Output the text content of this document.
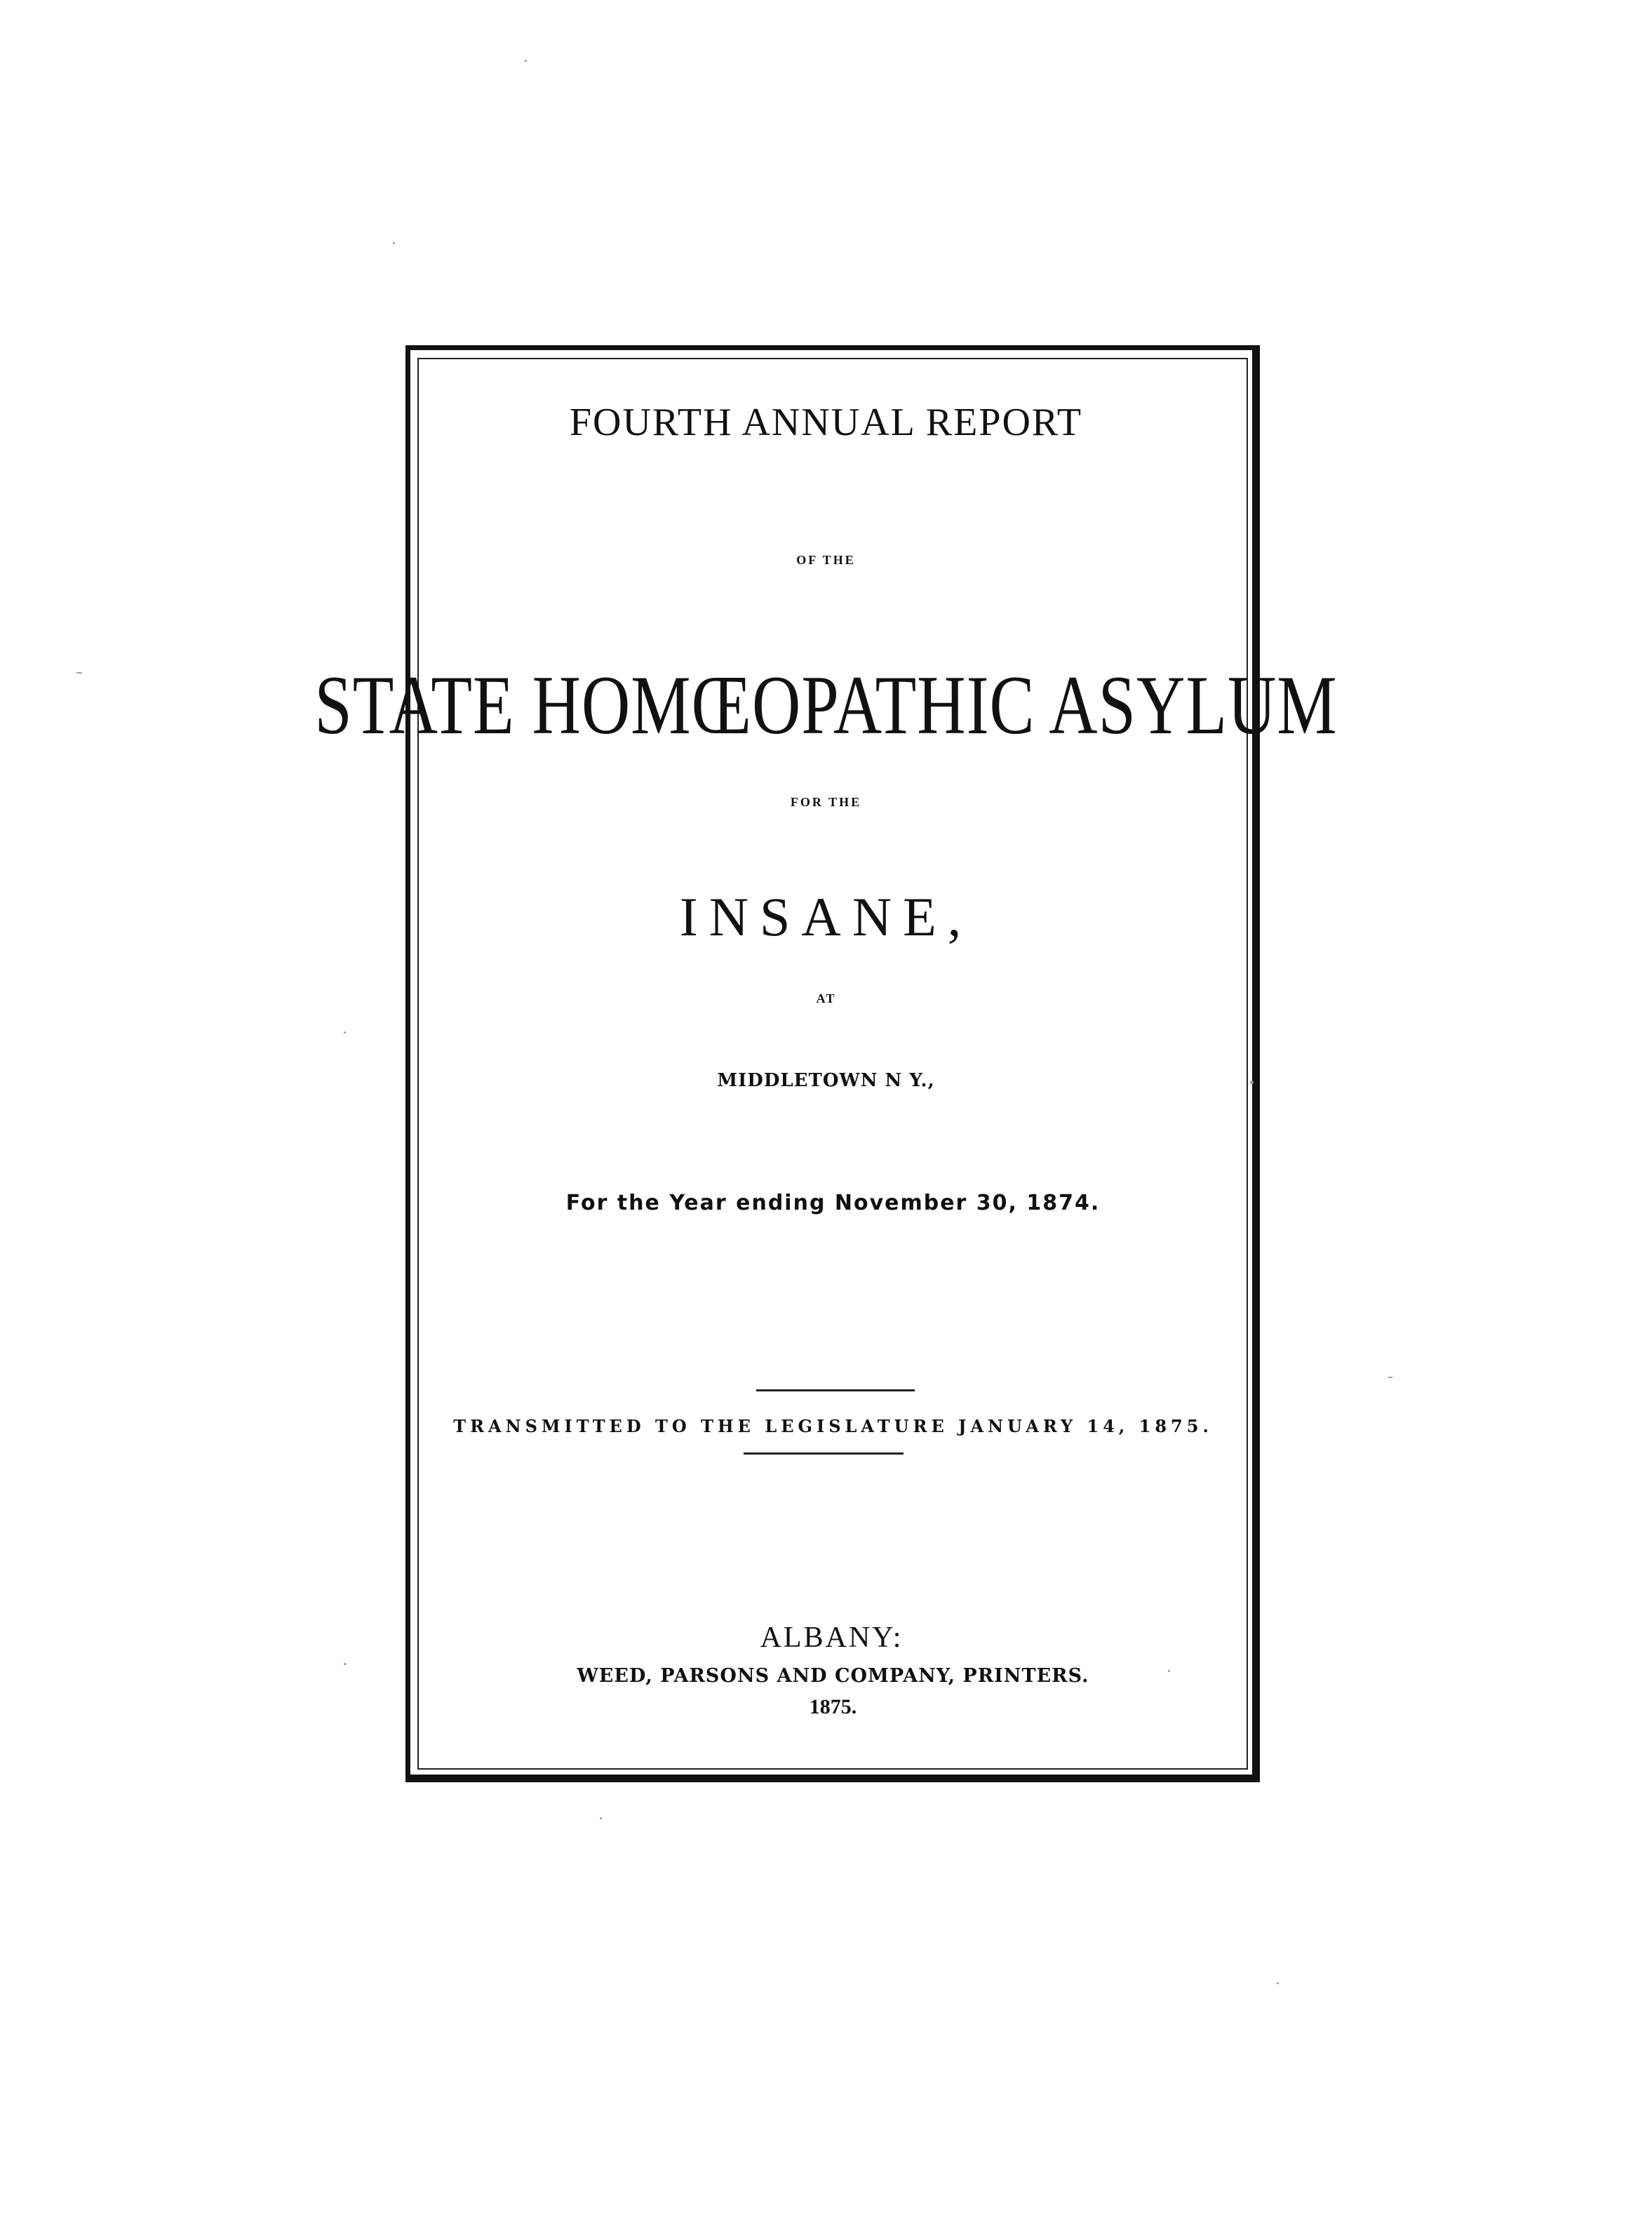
FOURTH ANNUAL REPORT
OF THE
STATE HOMŒOPATHIC ASYLUM
FOR THE
INSANE,
AT
MIDDLETOWN N Y.,
For the Year ending November 30, 1874.
TRANSMITTED TO THE LEGISLATURE JANUARY 14, 1875.
ALBANY:
WEED, PARSONS AND COMPANY, PRINTERS.
1875.
